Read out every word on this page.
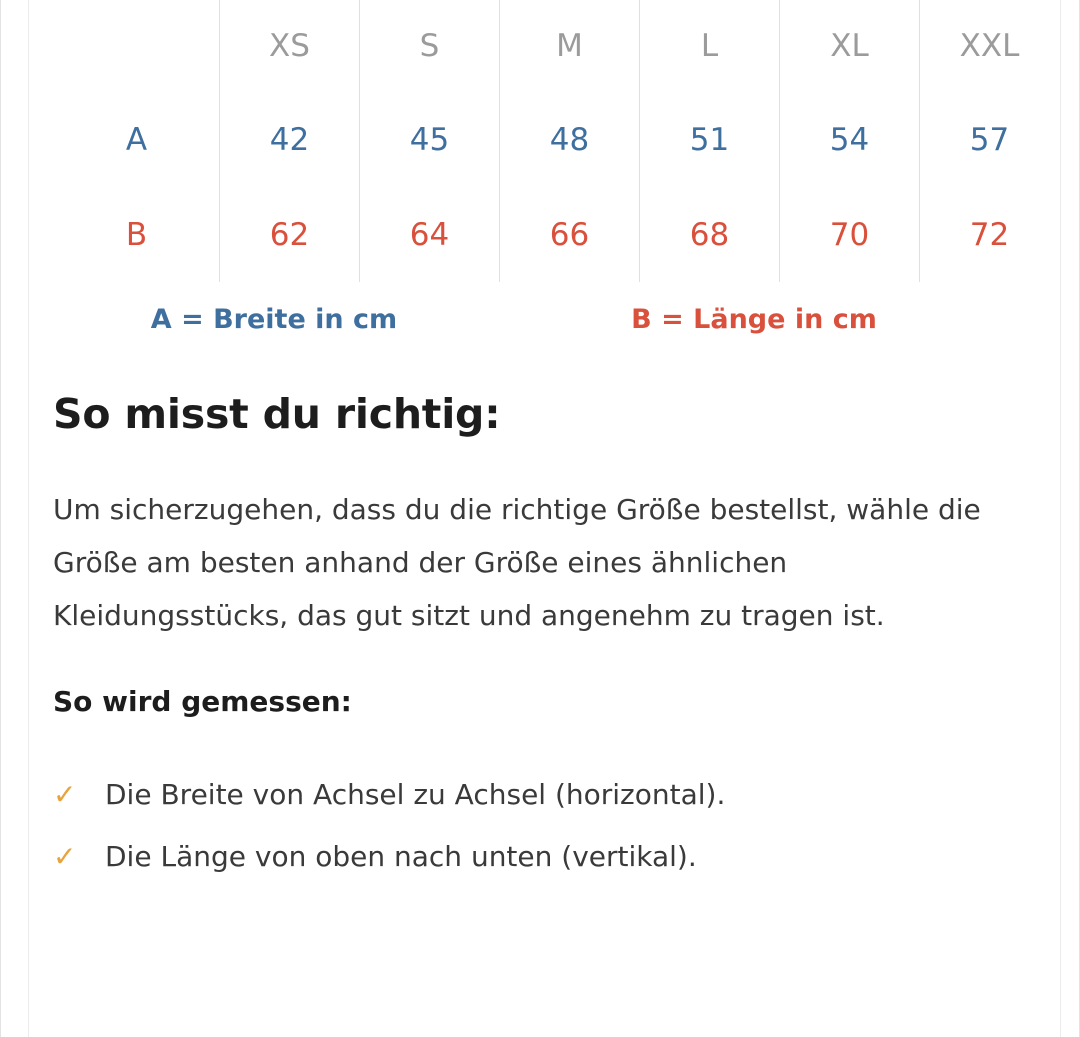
	XS	S	M	L	XL	XXL
A	42	45	48	51	54	57
B	62	64	66	68	70	72
A = Breite in cm	B = Länge in cm
So misst du richtig:
Um sicherzugehen, dass du die richtige Größe bestellst, wähle die Größe am besten anhand der Größe eines ähnlichen Kleidungsstücks, das gut sitzt und angenehm zu tragen ist.
So wird gemessen:
✓	Die Breite von Achsel zu Achsel (horizontal).
✓	Die Länge von oben nach unten (vertikal).
